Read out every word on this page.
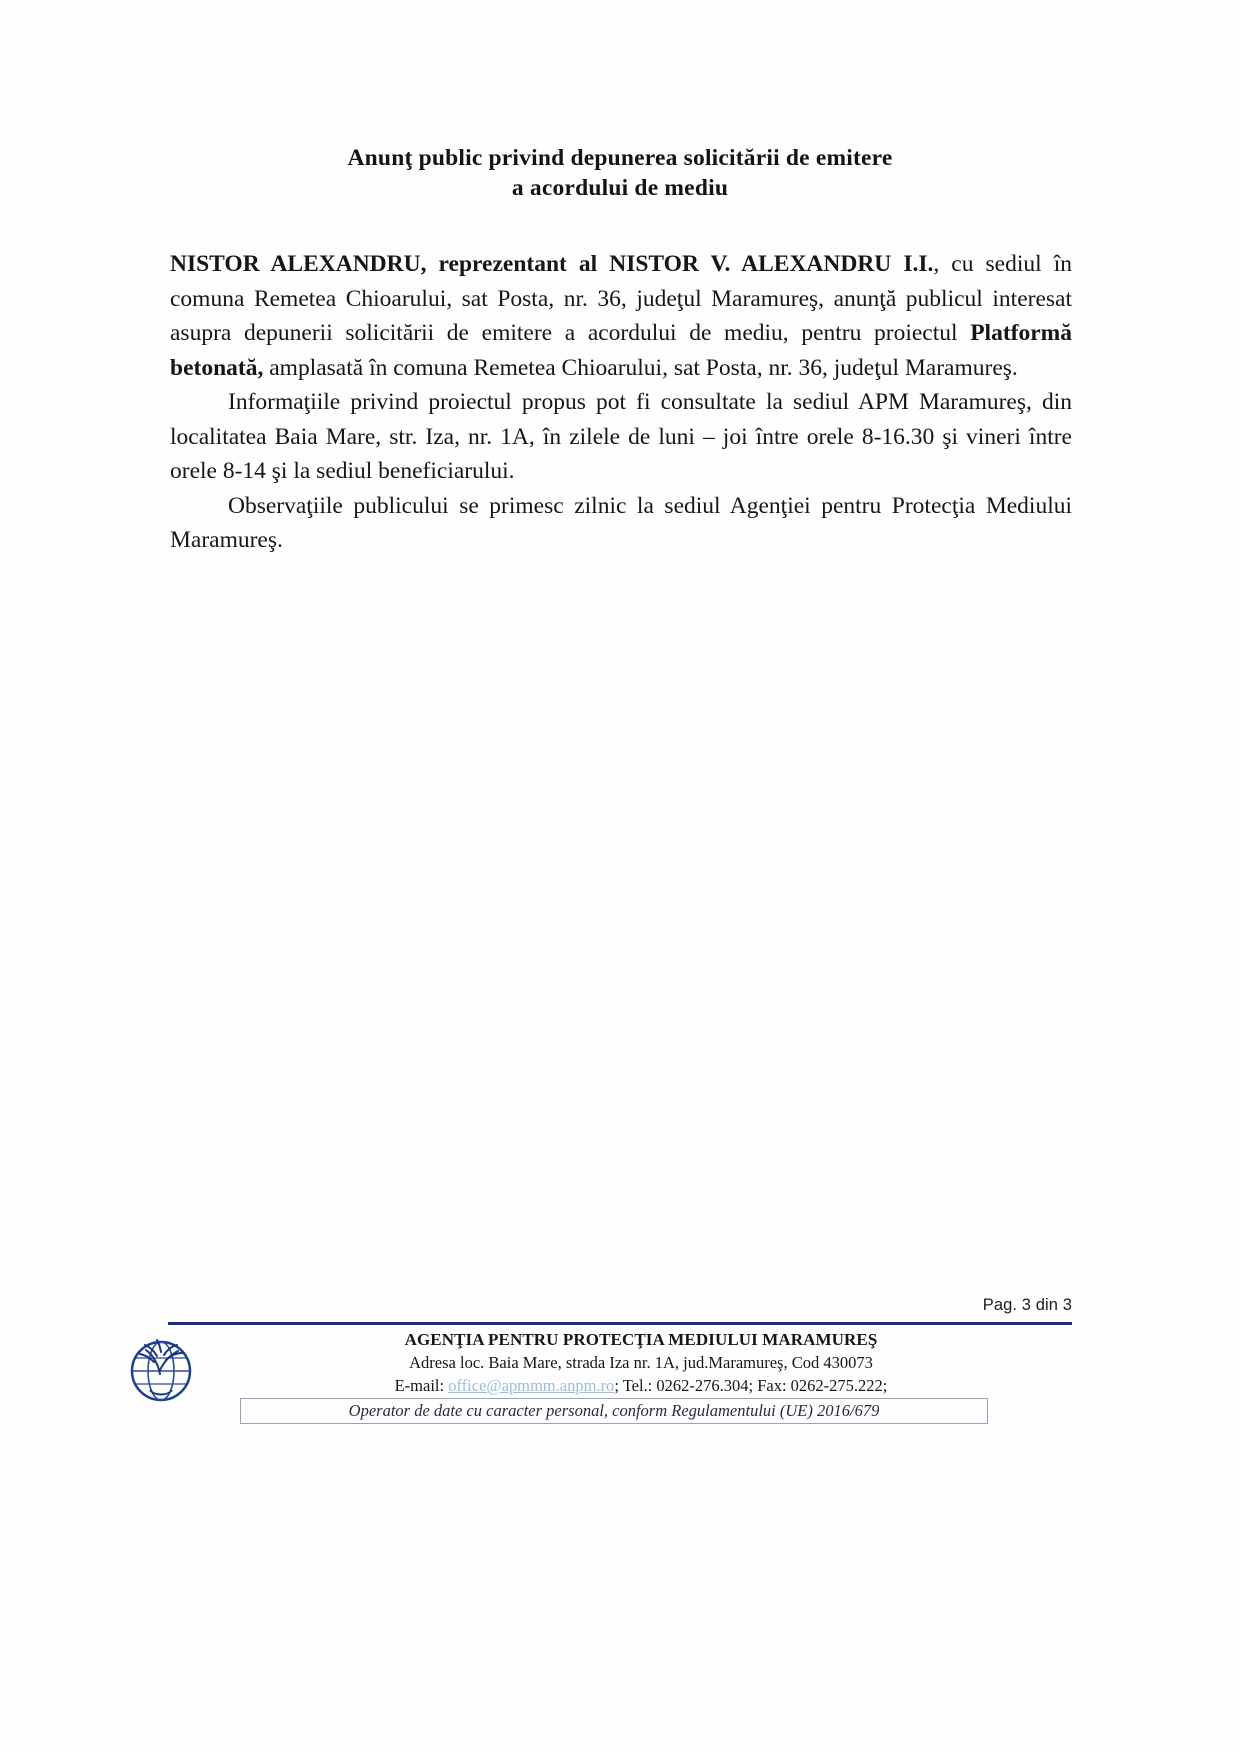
Anunţ public privind depunerea solicitării de emitere
a acordului de mediu

NISTOR ALEXANDRU, reprezentant al NISTOR V. ALEXANDRU I.I., cu sediul în comuna Remetea Chioarului, sat Posta, nr. 36, judeţul Maramureş, anunţă publicul interesat asupra depunerii solicitării de emitere a acordului de mediu, pentru proiectul Platformă betonată, amplasată în comuna Remetea Chioarului, sat Posta, nr. 36, judeţul Maramureş.

Informaţiile privind proiectul propus pot fi consultate la sediul APM Maramureş, din localitatea Baia Mare, str. Iza, nr. 1A, în zilele de luni – joi între orele 8-16.30 şi vineri între orele 8-14 şi la sediul beneficiarului.

Observaţiile publicului se primesc zilnic la sediul Agenţiei pentru Protecţia Mediului Maramureş.

Pag. 3 din 3
AGENŢIA PENTRU PROTECŢIA MEDIULUI MARAMUREŞ
Adresa loc. Baia Mare, strada Iza nr. 1A, jud.Maramureş, Cod 430073
E-mail: office@apmmm.anpm.ro; Tel.: 0262-276.304; Fax: 0262-275.222;
Operator de date cu caracter personal, conform Regulamentului (UE) 2016/679
